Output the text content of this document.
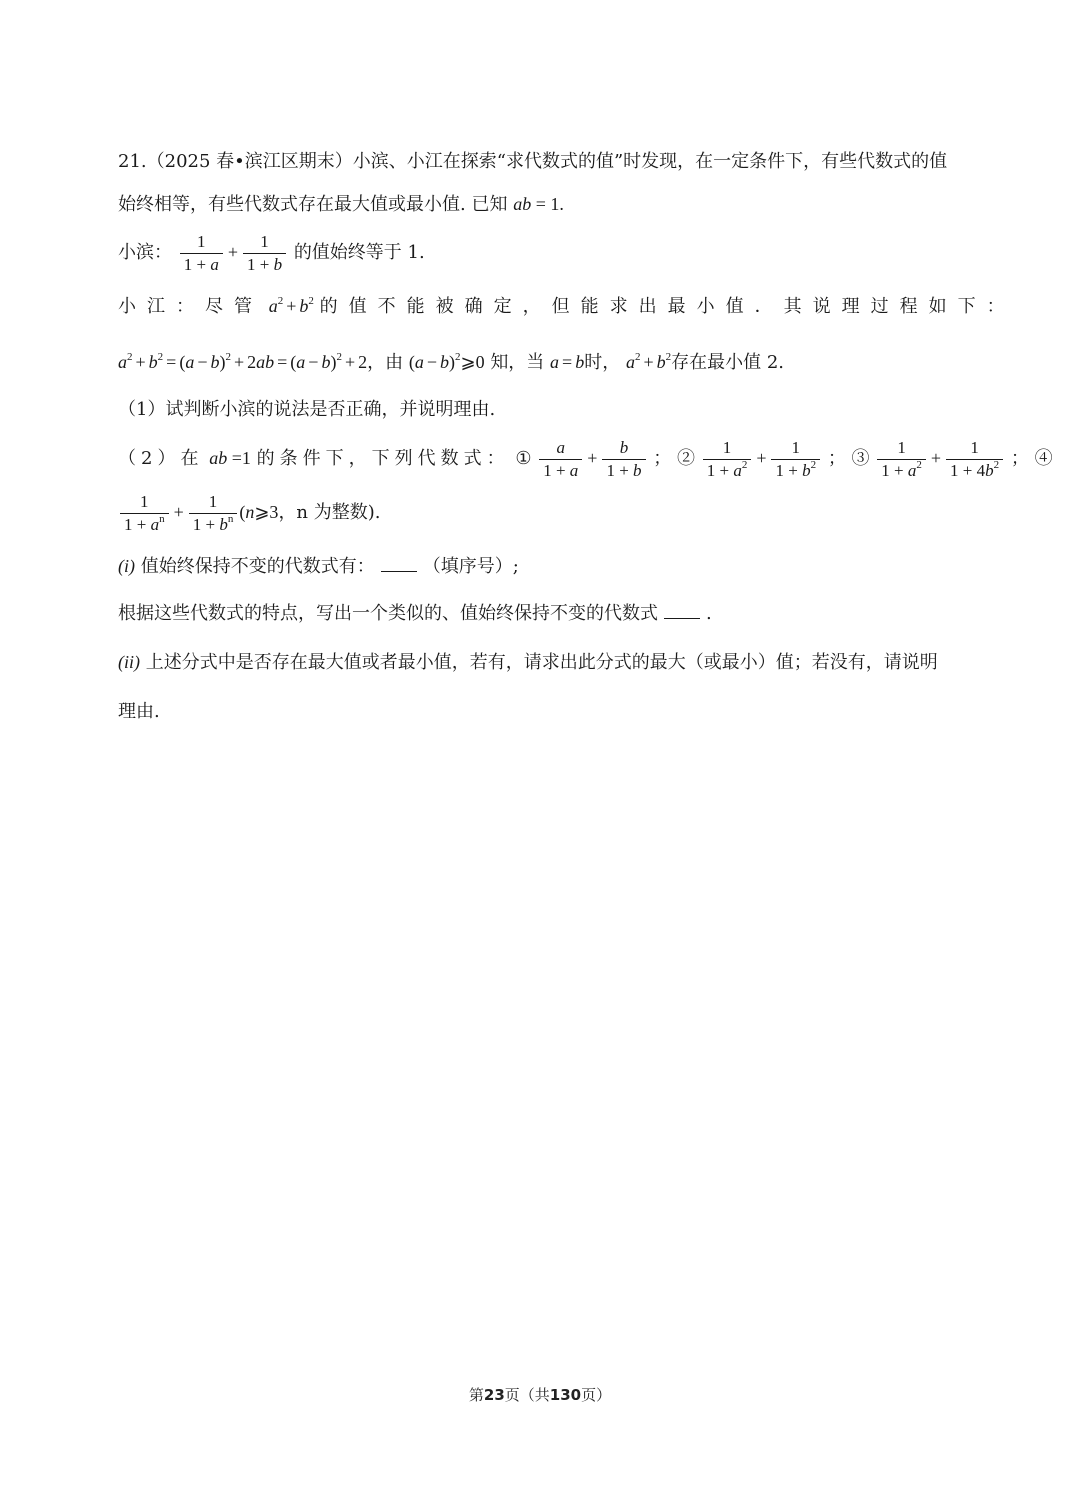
21.（2025 春•滨江区期末）小滨、小江在探索“求代数式的值”时发现，在一定条件下，有些代数式的值
始终相等，有些代数式存在最大值或最小值. 已知 ab = 1.
小滨： $\frac{1}{1 + a} + \frac{1}{1 + b}$ 的值始终等于 1.
小江：尽管 $a^2 + b^2$ 的值不能被确定，但能求出最小值．其说理过程如下：
$a^2 + b^2 = (a - b)^2 + 2ab = (a - b)^2 + 2$，由 $(a - b)^2⩾0$ 知，当 a = b时， $a^2 + b^2$存在最小值 2.
（1）试判断小滨的说法是否正确，并说明理由.
（2）在 ab =1 的条件下，下列代数式： ① $\frac{a}{1 + a} + \frac{b}{1 + b}$ ； ② $\frac{1}{1 + a^2} + \frac{1}{1 + b^2}$ ； ③ $\frac{1}{1 + a^2} + \frac{1}{1 + 4b^2}$ ； ④
$\frac{1}{1 + a^n} + \frac{1}{1 + b^n}$ (n⩾3，n 为整数).
(i) 值始终保持不变的代数式有：	（填序号）;
根据这些代数式的特点，写出一个类似的、值始终保持不变的代数式	.
(ii) 上述分式中是否存在最大值或者最小值，若有，请求出此分式的最大（或最小）值；若没有，请说明
理由.
第23页（共130页）
